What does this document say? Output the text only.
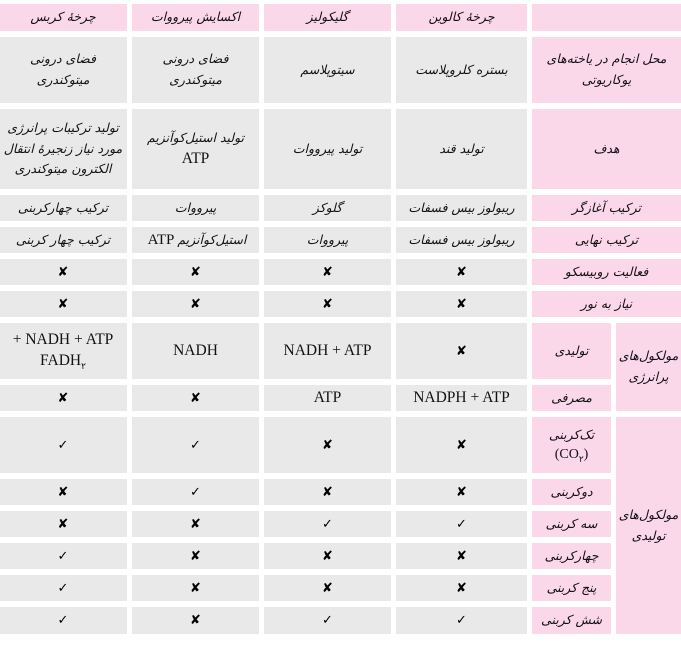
چرخهٔ کالوین
گلیکولیز
اکسایش پیرووات
چرخهٔ کربس
محل انجام در یاخته‌های یوکاریوتی
بستره کلروپلاست
سیتوپلاسم
فضای درونی میتوکندری
فضای درونی میتوکندری
هدف
تولید قند
تولید پیرووات
تولید استیل‌کوآنزیم
ATP
تولید ترکیبات پرانرژی مورد نیاز زنجیرهٔ انتقال الکترون میتوکندری
ترکیب آغازگر
ریبولوز بیس فسفات
گلوکز
پیرووات
ترکیب چهارکربنی
ترکیب نهایی
ریبولوز بیس فسفات
پیرووات
استیل‌کوآنزیم
ATP
ترکیب چهار کربنی
فعالیت روبیسکو
✘
✘
✘
✘
نیاز به نور
✘
✘
✘
✘
مولکول‌های پرانرژی
تولیدی
✘
NADH + ATP
NADH
+ NADH + ATP
$FADH_۲$
مصرفی
NADPH + ATP
ATP
✘
✘
مولکول‌های تولیدی
تک‌کربنی
$(CO_۲)$
✘
✘
✓
✓
دوکربنی
✘
✘
✓
✘
سه کربنی
✓
✓
✘
✘
چهارکربنی
✘
✘
✘
✓
پنج کربنی
✘
✘
✘
✓
شش کربنی
✓
✓
✘
✓
